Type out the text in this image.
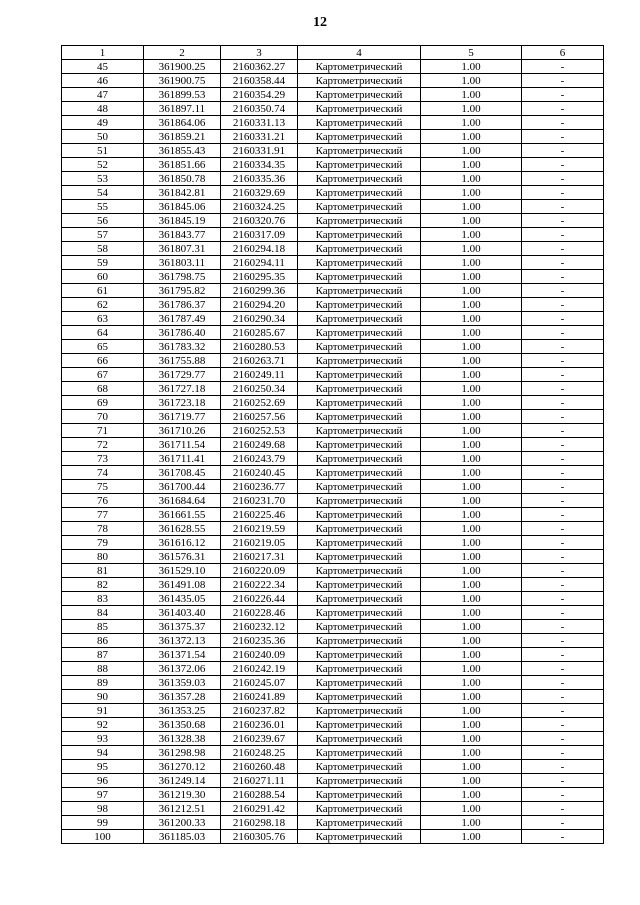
12
1	2	3	4	5	6
45	361900.25	2160362.27	Картометрический	1.00	-
46	361900.75	2160358.44	Картометрический	1.00	-
47	361899.53	2160354.29	Картометрический	1.00	-
48	361897.11	2160350.74	Картометрический	1.00	-
49	361864.06	2160331.13	Картометрический	1.00	-
50	361859.21	2160331.21	Картометрический	1.00	-
51	361855.43	2160331.91	Картометрический	1.00	-
52	361851.66	2160334.35	Картометрический	1.00	-
53	361850.78	2160335.36	Картометрический	1.00	-
54	361842.81	2160329.69	Картометрический	1.00	-
55	361845.06	2160324.25	Картометрический	1.00	-
56	361845.19	2160320.76	Картометрический	1.00	-
57	361843.77	2160317.09	Картометрический	1.00	-
58	361807.31	2160294.18	Картометрический	1.00	-
59	361803.11	2160294.11	Картометрический	1.00	-
60	361798.75	2160295.35	Картометрический	1.00	-
61	361795.82	2160299.36	Картометрический	1.00	-
62	361786.37	2160294.20	Картометрический	1.00	-
63	361787.49	2160290.34	Картометрический	1.00	-
64	361786.40	2160285.67	Картометрический	1.00	-
65	361783.32	2160280.53	Картометрический	1.00	-
66	361755.88	2160263.71	Картометрический	1.00	-
67	361729.77	2160249.11	Картометрический	1.00	-
68	361727.18	2160250.34	Картометрический	1.00	-
69	361723.18	2160252.69	Картометрический	1.00	-
70	361719.77	2160257.56	Картометрический	1.00	-
71	361710.26	2160252.53	Картометрический	1.00	-
72	361711.54	2160249.68	Картометрический	1.00	-
73	361711.41	2160243.79	Картометрический	1.00	-
74	361708.45	2160240.45	Картометрический	1.00	-
75	361700.44	2160236.77	Картометрический	1.00	-
76	361684.64	2160231.70	Картометрический	1.00	-
77	361661.55	2160225.46	Картометрический	1.00	-
78	361628.55	2160219.59	Картометрический	1.00	-
79	361616.12	2160219.05	Картометрический	1.00	-
80	361576.31	2160217.31	Картометрический	1.00	-
81	361529.10	2160220.09	Картометрический	1.00	-
82	361491.08	2160222.34	Картометрический	1.00	-
83	361435.05	2160226.44	Картометрический	1.00	-
84	361403.40	2160228.46	Картометрический	1.00	-
85	361375.37	2160232.12	Картометрический	1.00	-
86	361372.13	2160235.36	Картометрический	1.00	-
87	361371.54	2160240.09	Картометрический	1.00	-
88	361372.06	2160242.19	Картометрический	1.00	-
89	361359.03	2160245.07	Картометрический	1.00	-
90	361357.28	2160241.89	Картометрический	1.00	-
91	361353.25	2160237.82	Картометрический	1.00	-
92	361350.68	2160236.01	Картометрический	1.00	-
93	361328.38	2160239.67	Картометрический	1.00	-
94	361298.98	2160248.25	Картометрический	1.00	-
95	361270.12	2160260.48	Картометрический	1.00	-
96	361249.14	2160271.11	Картометрический	1.00	-
97	361219.30	2160288.54	Картометрический	1.00	-
98	361212.51	2160291.42	Картометрический	1.00	-
99	361200.33	2160298.18	Картометрический	1.00	-
100	361185.03	2160305.76	Картометрический	1.00	-
